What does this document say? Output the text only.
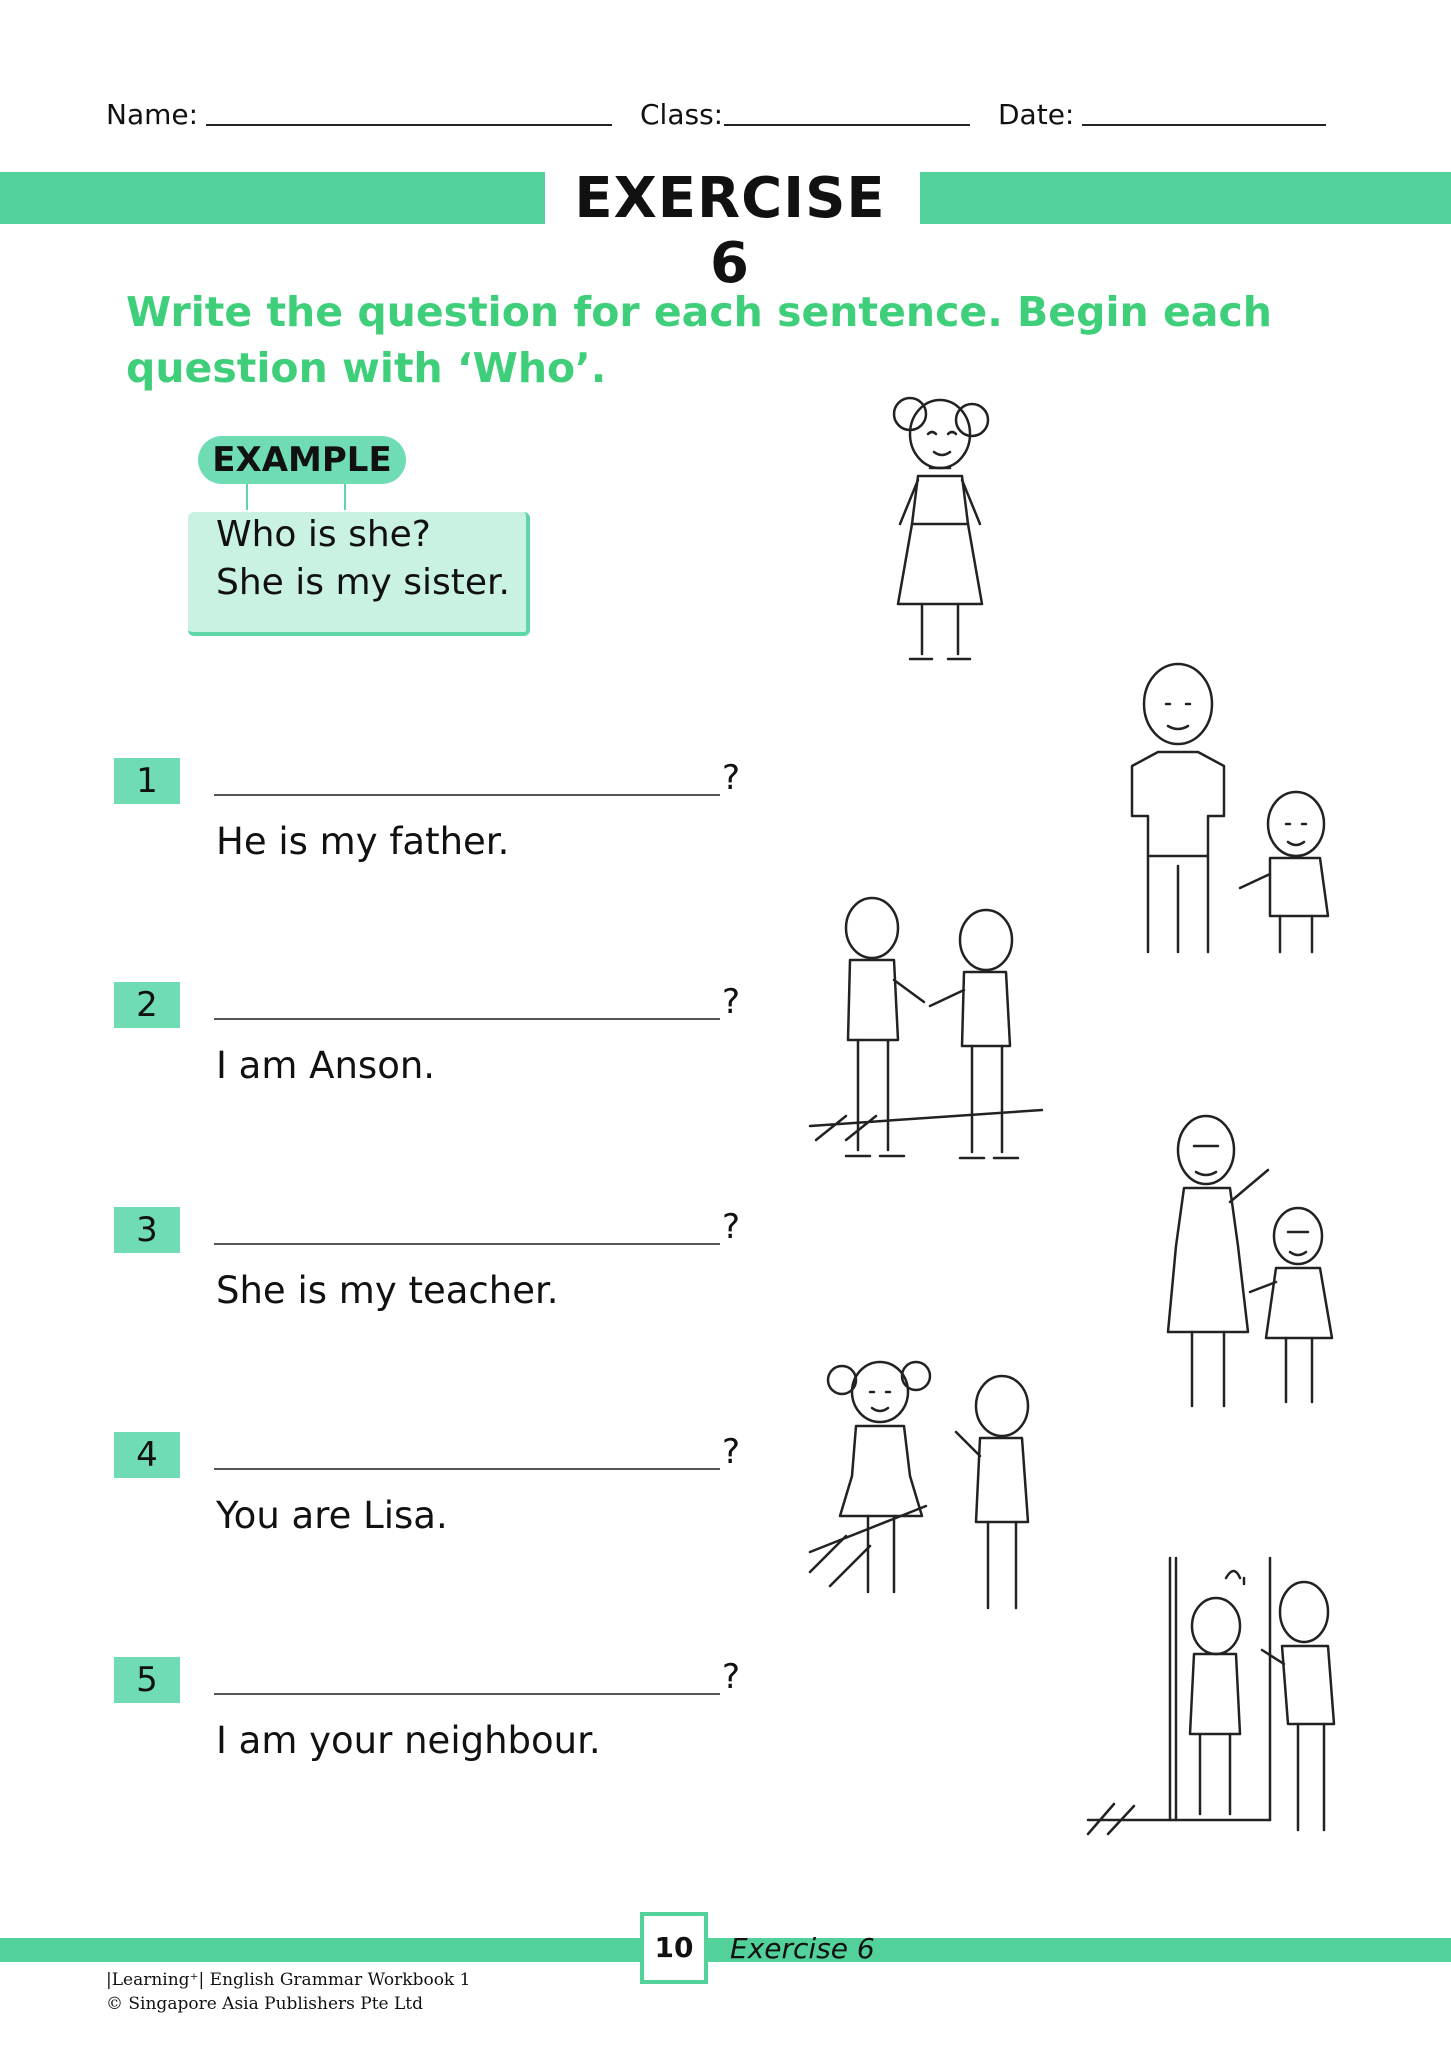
Name:	Class:	Date:
EXERCISE 6
Write the question for each sentence. Begin each question with ‘Who’.
EXAMPLE
Who is she?
She is my sister.
1	?
He is my father.
2	?
I am Anson.
3	?
She is my teacher.
4	?
You are Lisa.
5	?
I am your neighbour.
10	Exercise 6
|Learning⁺| English Grammar Workbook 1
© Singapore Asia Publishers Pte Ltd
